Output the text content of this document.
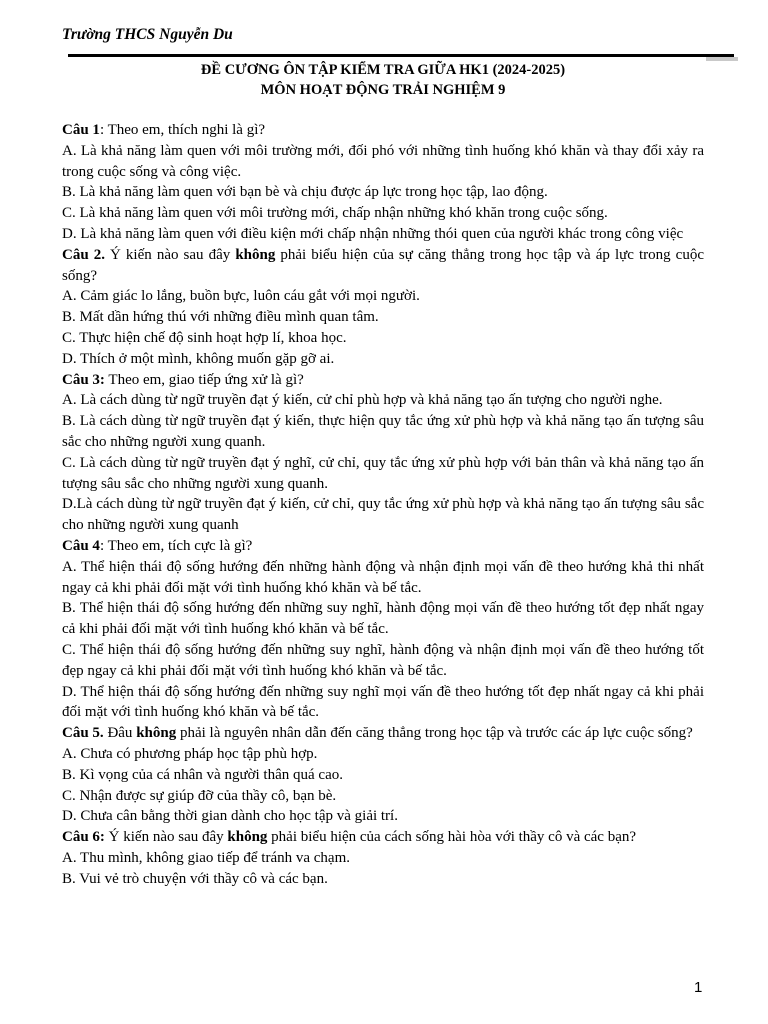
Trường THCS Nguyễn Du
ĐỀ CƯƠNG ÔN TẬP KIỂM TRA GIỮA HK1 (2024-2025)
MÔN HOẠT ĐỘNG TRẢI NGHIỆM 9

Câu 1: Theo em, thích nghi là gì?

A. Là khả năng làm quen với môi trường mới, đối phó với những tình huống khó khăn và thay đổi xảy ra trong cuộc sống và công việc.

B. Là khả năng làm quen với bạn bè và chịu được áp lực trong học tập, lao động.

C. Là khả năng làm quen với môi trường mới, chấp nhận những khó khăn trong cuộc sống.

D. Là khả năng làm quen với điều kiện mới chấp nhận những thói quen của người khác trong công việc

Câu 2. Ý kiến nào sau đây không phải biểu hiện của sự căng thẳng trong học tập và áp lực trong cuộc sống?

A. Cảm giác lo lắng, buồn bực, luôn cáu gắt với mọi người.

B. Mất dần hứng thú với những điều mình quan tâm.

C. Thực hiện chế độ sinh hoạt hợp lí, khoa học.

D. Thích ở một mình, không muốn gặp gỡ ai.

Câu 3: Theo em, giao tiếp ứng xử là gì?

A. Là cách dùng từ ngữ truyền đạt ý kiến, cử chỉ phù hợp và khả năng tạo ấn tượng cho người nghe.

B. Là cách dùng từ ngữ truyền đạt ý kiến, thực hiện quy tắc ứng xử phù hợp và khả năng tạo ấn tượng sâu sắc cho những người xung quanh.

C. Là cách dùng từ ngữ truyền đạt ý nghĩ, cử chỉ, quy tắc ứng xử phù hợp với bản thân và khả năng tạo ấn tượng sâu sắc cho những người xung quanh.

D.Là cách dùng từ ngữ truyền đạt ý kiến, cử chỉ, quy tắc ứng xử phù hợp và khả năng tạo ấn tượng sâu sắc cho những người xung quanh

Câu 4: Theo em, tích cực là gì?

A. Thể hiện thái độ sống hướng đến những hành động và nhận định mọi vấn đề theo hướng khả thi nhất ngay cả khi phải đối mặt với tình huống khó khăn và bế tắc.

B. Thể hiện thái độ sống hướng đến những suy nghĩ, hành động mọi vấn đề theo hướng tốt đẹp nhất ngay cả khi phải đối mặt với tình huống khó khăn và bế tắc.

C. Thể hiện thái độ sống hướng đến những suy nghĩ, hành động và nhận định mọi vấn đề theo hướng tốt đẹp ngay cả khi phải đối mặt với tình huống khó khăn và bế tắc.

D. Thể hiện thái độ sống hướng đến những suy nghĩ mọi vấn đề theo hướng tốt đẹp nhất ngay cả khi phải đối mặt với tình huống khó khăn và bế tắc.

Câu 5. Đâu không phải là nguyên nhân dẫn đến căng thẳng trong học tập và trước các áp lực cuộc sống?

A. Chưa có phương pháp học tập phù hợp.

B. Kì vọng của cá nhân và người thân quá cao.

C. Nhận được sự giúp đỡ của thầy cô, bạn bè.

D. Chưa cân bằng thời gian dành cho học tập và giải trí.

Câu 6: Ý kiến nào sau đây không phải biểu hiện của cách sống hài hòa với thầy cô và các bạn?

A. Thu mình, không giao tiếp để tránh va chạm.

B. Vui vẻ trò chuyện với thầy cô và các bạn.

1
